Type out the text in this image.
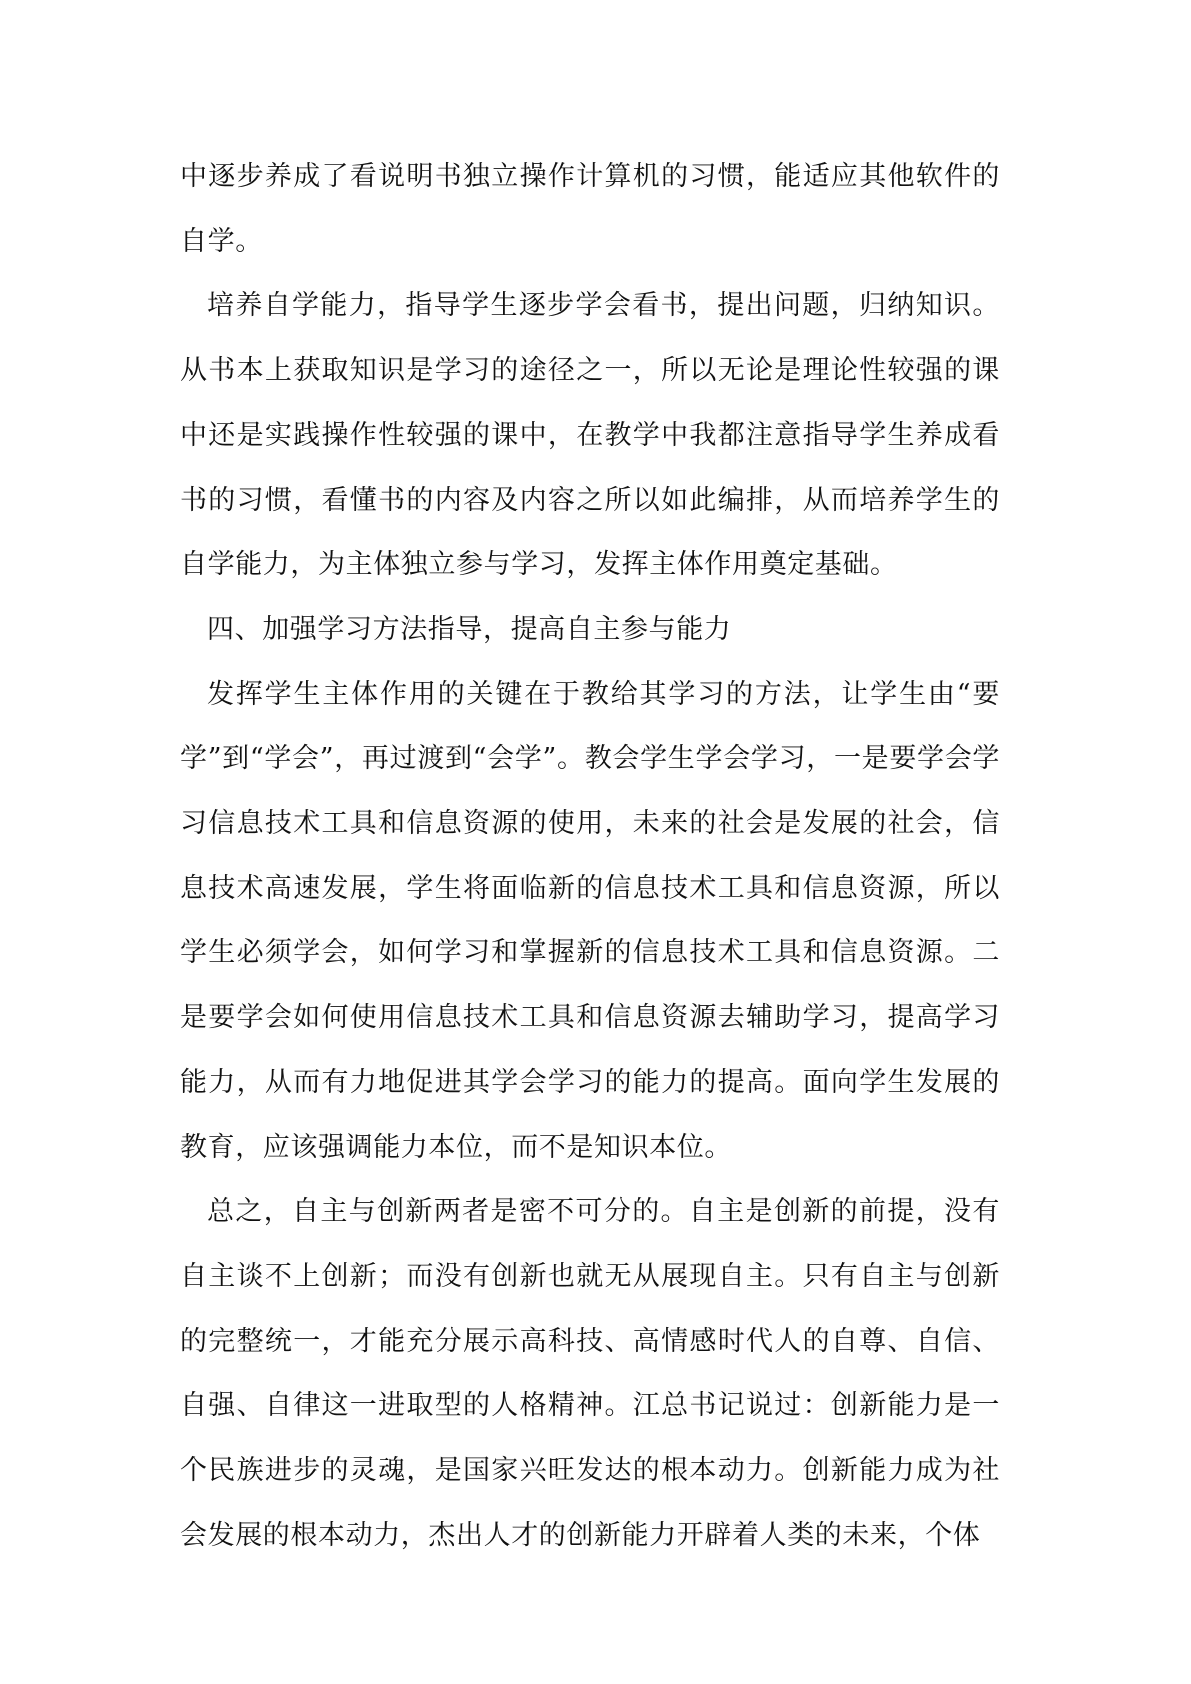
中逐步养成了看说明书独立操作计算机的习惯，能适应其他软件的自学。

培养自学能力，指导学生逐步学会看书，提出问题，归纳知识。从书本上获取知识是学习的途径之一，所以无论是理论性较强的课中还是实践操作性较强的课中，在教学中我都注意指导学生养成看书的习惯，看懂书的内容及内容之所以如此编排，从而培养学生的自学能力，为主体独立参与学习，发挥主体作用奠定基础。

四、加强学习方法指导，提高自主参与能力

发挥学生主体作用的关键在于教给其学习的方法，让学生由“要学”到“学会”，再过渡到“会学”。教会学生学会学习，一是要学会学习信息技术工具和信息资源的使用，未来的社会是发展的社会，信息技术高速发展，学生将面临新的信息技术工具和信息资源，所以学生必须学会，如何学习和掌握新的信息技术工具和信息资源。二是要学会如何使用信息技术工具和信息资源去辅助学习，提高学习能力，从而有力地促进其学会学习的能力的提高。面向学生发展的教育，应该强调能力本位，而不是知识本位。

总之，自主与创新两者是密不可分的。自主是创新的前提，没有自主谈不上创新；而没有创新也就无从展现自主。只有自主与创新的完整统一，才能充分展示高科技、高情感时代人的自尊、自信、自强、自律这一进取型的人格精神。江总书记说过：创新能力是一个民族进步的灵魂，是国家兴旺发达的根本动力。创新能力成为社会发展的根本动力，杰出人才的创新能力开辟着人类的未来，个体
